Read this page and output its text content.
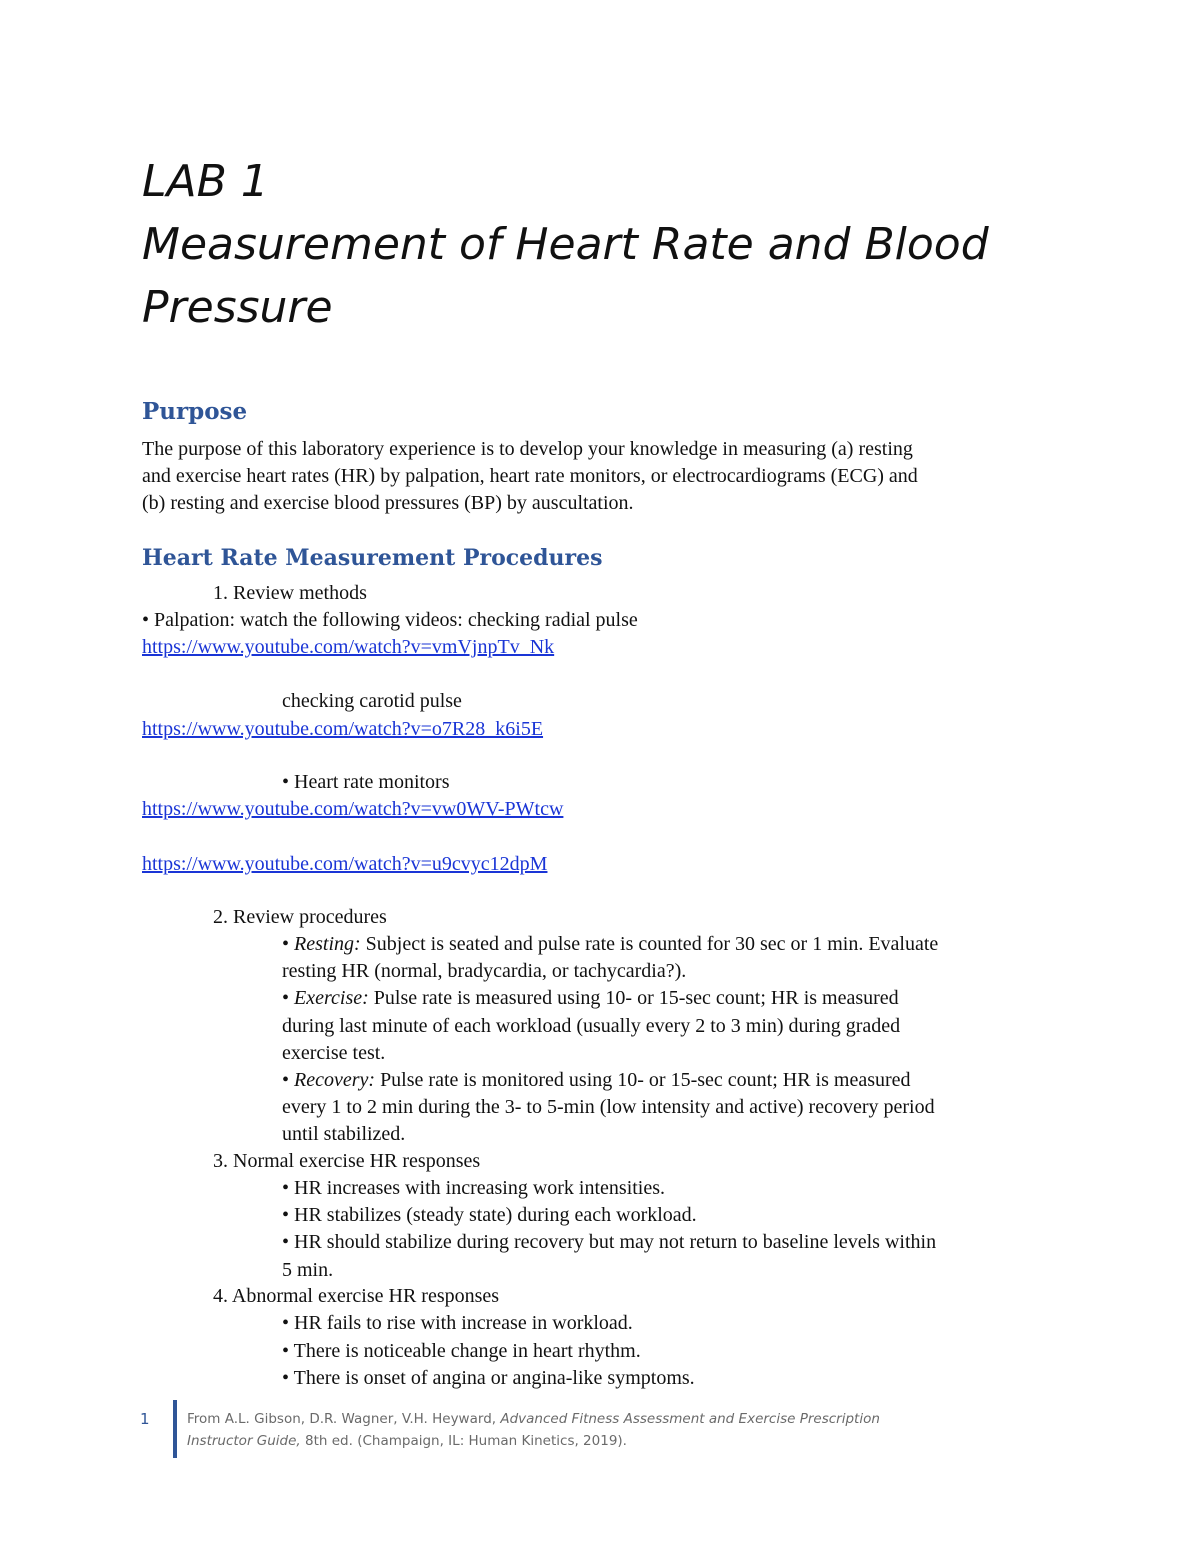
LAB 1
Measurement of Heart Rate and Blood
Pressure
Purpose
The purpose of this laboratory experience is to develop your knowledge in measuring (a) resting
and exercise heart rates (HR) by palpation, heart rate monitors, or electrocardiograms (ECG) and
(b) resting and exercise blood pressures (BP) by auscultation.
Heart Rate Measurement Procedures
1. Review methods
• Palpation: watch the following videos: checking radial pulse
https://www.youtube.com/watch?v=vmVjnpTv_Nk
checking carotid pulse
https://www.youtube.com/watch?v=o7R28_k6i5E
• Heart rate monitors
https://www.youtube.com/watch?v=vw0WV-PWtcw
https://www.youtube.com/watch?v=u9cvyc12dpM
2. Review procedures
• Resting: Subject is seated and pulse rate is counted for 30 sec or 1 min. Evaluate
resting HR (normal, bradycardia, or tachycardia?).
• Exercise: Pulse rate is measured using 10- or 15-sec count; HR is measured
during last minute of each workload (usually every 2 to 3 min) during graded
exercise test.
• Recovery: Pulse rate is monitored using 10- or 15-sec count; HR is measured
every 1 to 2 min during the 3- to 5-min (low intensity and active) recovery period
until stabilized.
3. Normal exercise HR responses
• HR increases with increasing work intensities.
• HR stabilizes (steady state) during each workload.
• HR should stabilize during recovery but may not return to baseline levels within
5 min.
4. Abnormal exercise HR responses
• HR fails to rise with increase in workload.
• There is noticeable change in heart rhythm.
• There is onset of angina or angina-like symptoms.
1	From A.L. Gibson, D.R. Wagner, V.H. Heyward, Advanced Fitness Assessment and Exercise Prescription
Instructor Guide, 8th ed. (Champaign, IL: Human Kinetics, 2019).
